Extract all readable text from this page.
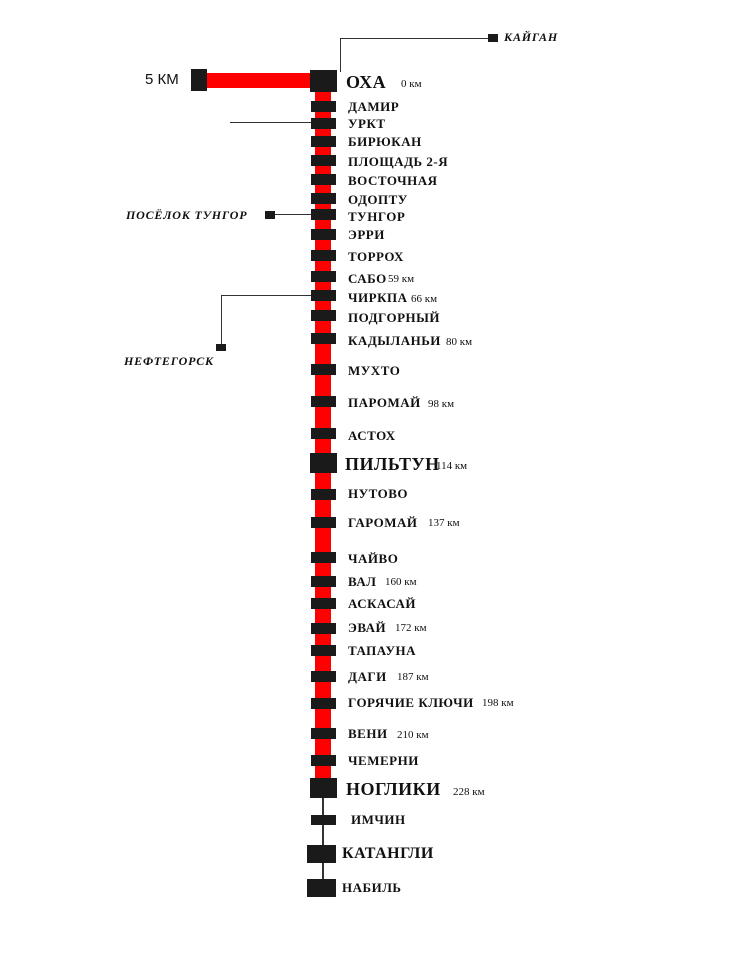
5 КМ
КАЙГАН
ПОСЁЛОК ТУНГОР
НЕФТЕГОРСК
ОХА 0 км
ДАМИР
УРКТ
БИРЮКАН
ПЛОЩАДЬ 2-Я
ВОСТОЧНАЯ
ОДОПТУ
ТУНГОР
ЭРРИ
ТОРРОХ
САБО 59 км
ЧИРКПА 66 км
ПОДГОРНЫЙ
КАДЫЛАНЬИ 80 км
МУХТО
ПАРОМАЙ 98 км
АСТОХ
ПИЛЬТУН
114 км
НУТОВО
ГАРОМАЙ 137 км
ЧАЙВО
ВАЛ 160 км
АСКАСАЙ
ЭВАЙ 172 км
ТАПАУНА
ДАГИ 187 км
ГОРЯЧИЕ КЛЮЧИ 198 км
ВЕНИ 210 км
ЧЕМЕРНИ
НОГЛИКИ 228 км
ИМЧИН
КАТАНГЛИ
НАБИЛЬ
